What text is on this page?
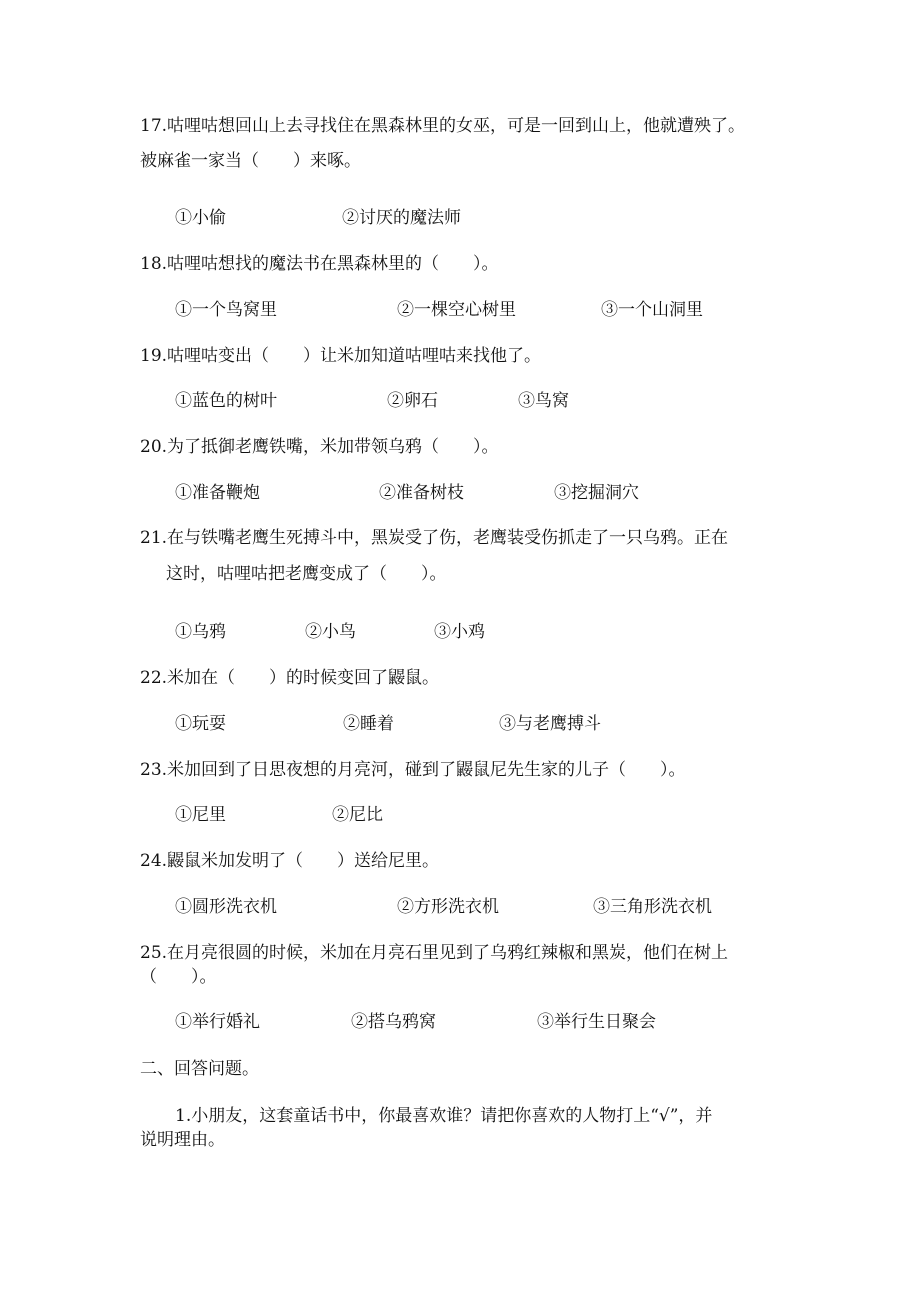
17.咕哩咕想回山上去寻找住在黑森林里的女巫，可是一回到山上，他就遭殃了。
被麻雀一家当（　　）来啄。
①小偷	②讨厌的魔法师
18.咕哩咕想找的魔法书在黑森林里的（　　）。
①一个鸟窝里	②一棵空心树里	③一个山洞里
19.咕哩咕变出（　　）让米加知道咕哩咕来找他了。
①蓝色的树叶	②卵石	③鸟窝
20.为了抵御老鹰铁嘴，米加带领乌鸦（　　）。
①准备鞭炮	②准备树枝	③挖掘洞穴
21.在与铁嘴老鹰生死搏斗中，黑炭受了伤，老鹰装受伤抓走了一只乌鸦。正在
这时，咕哩咕把老鹰变成了（　　）。
①乌鸦	②小鸟	③小鸡
22.米加在（　　）的时候变回了鼹鼠。
①玩耍	②睡着	③与老鹰搏斗
23.米加回到了日思夜想的月亮河，碰到了鼹鼠尼先生家的儿子（　　）。
①尼里	②尼比
24.鼹鼠米加发明了（　　）送给尼里。
①圆形洗衣机	②方形洗衣机	③三角形洗衣机
25.在月亮很圆的时候，米加在月亮石里见到了乌鸦红辣椒和黑炭，他们在树上
（　　）。
①举行婚礼	②搭乌鸦窝	③举行生日聚会
二、回答问题。
1.小朋友，这套童话书中，你最喜欢谁？请把你喜欢的人物打上“√”，并
说明理由。
